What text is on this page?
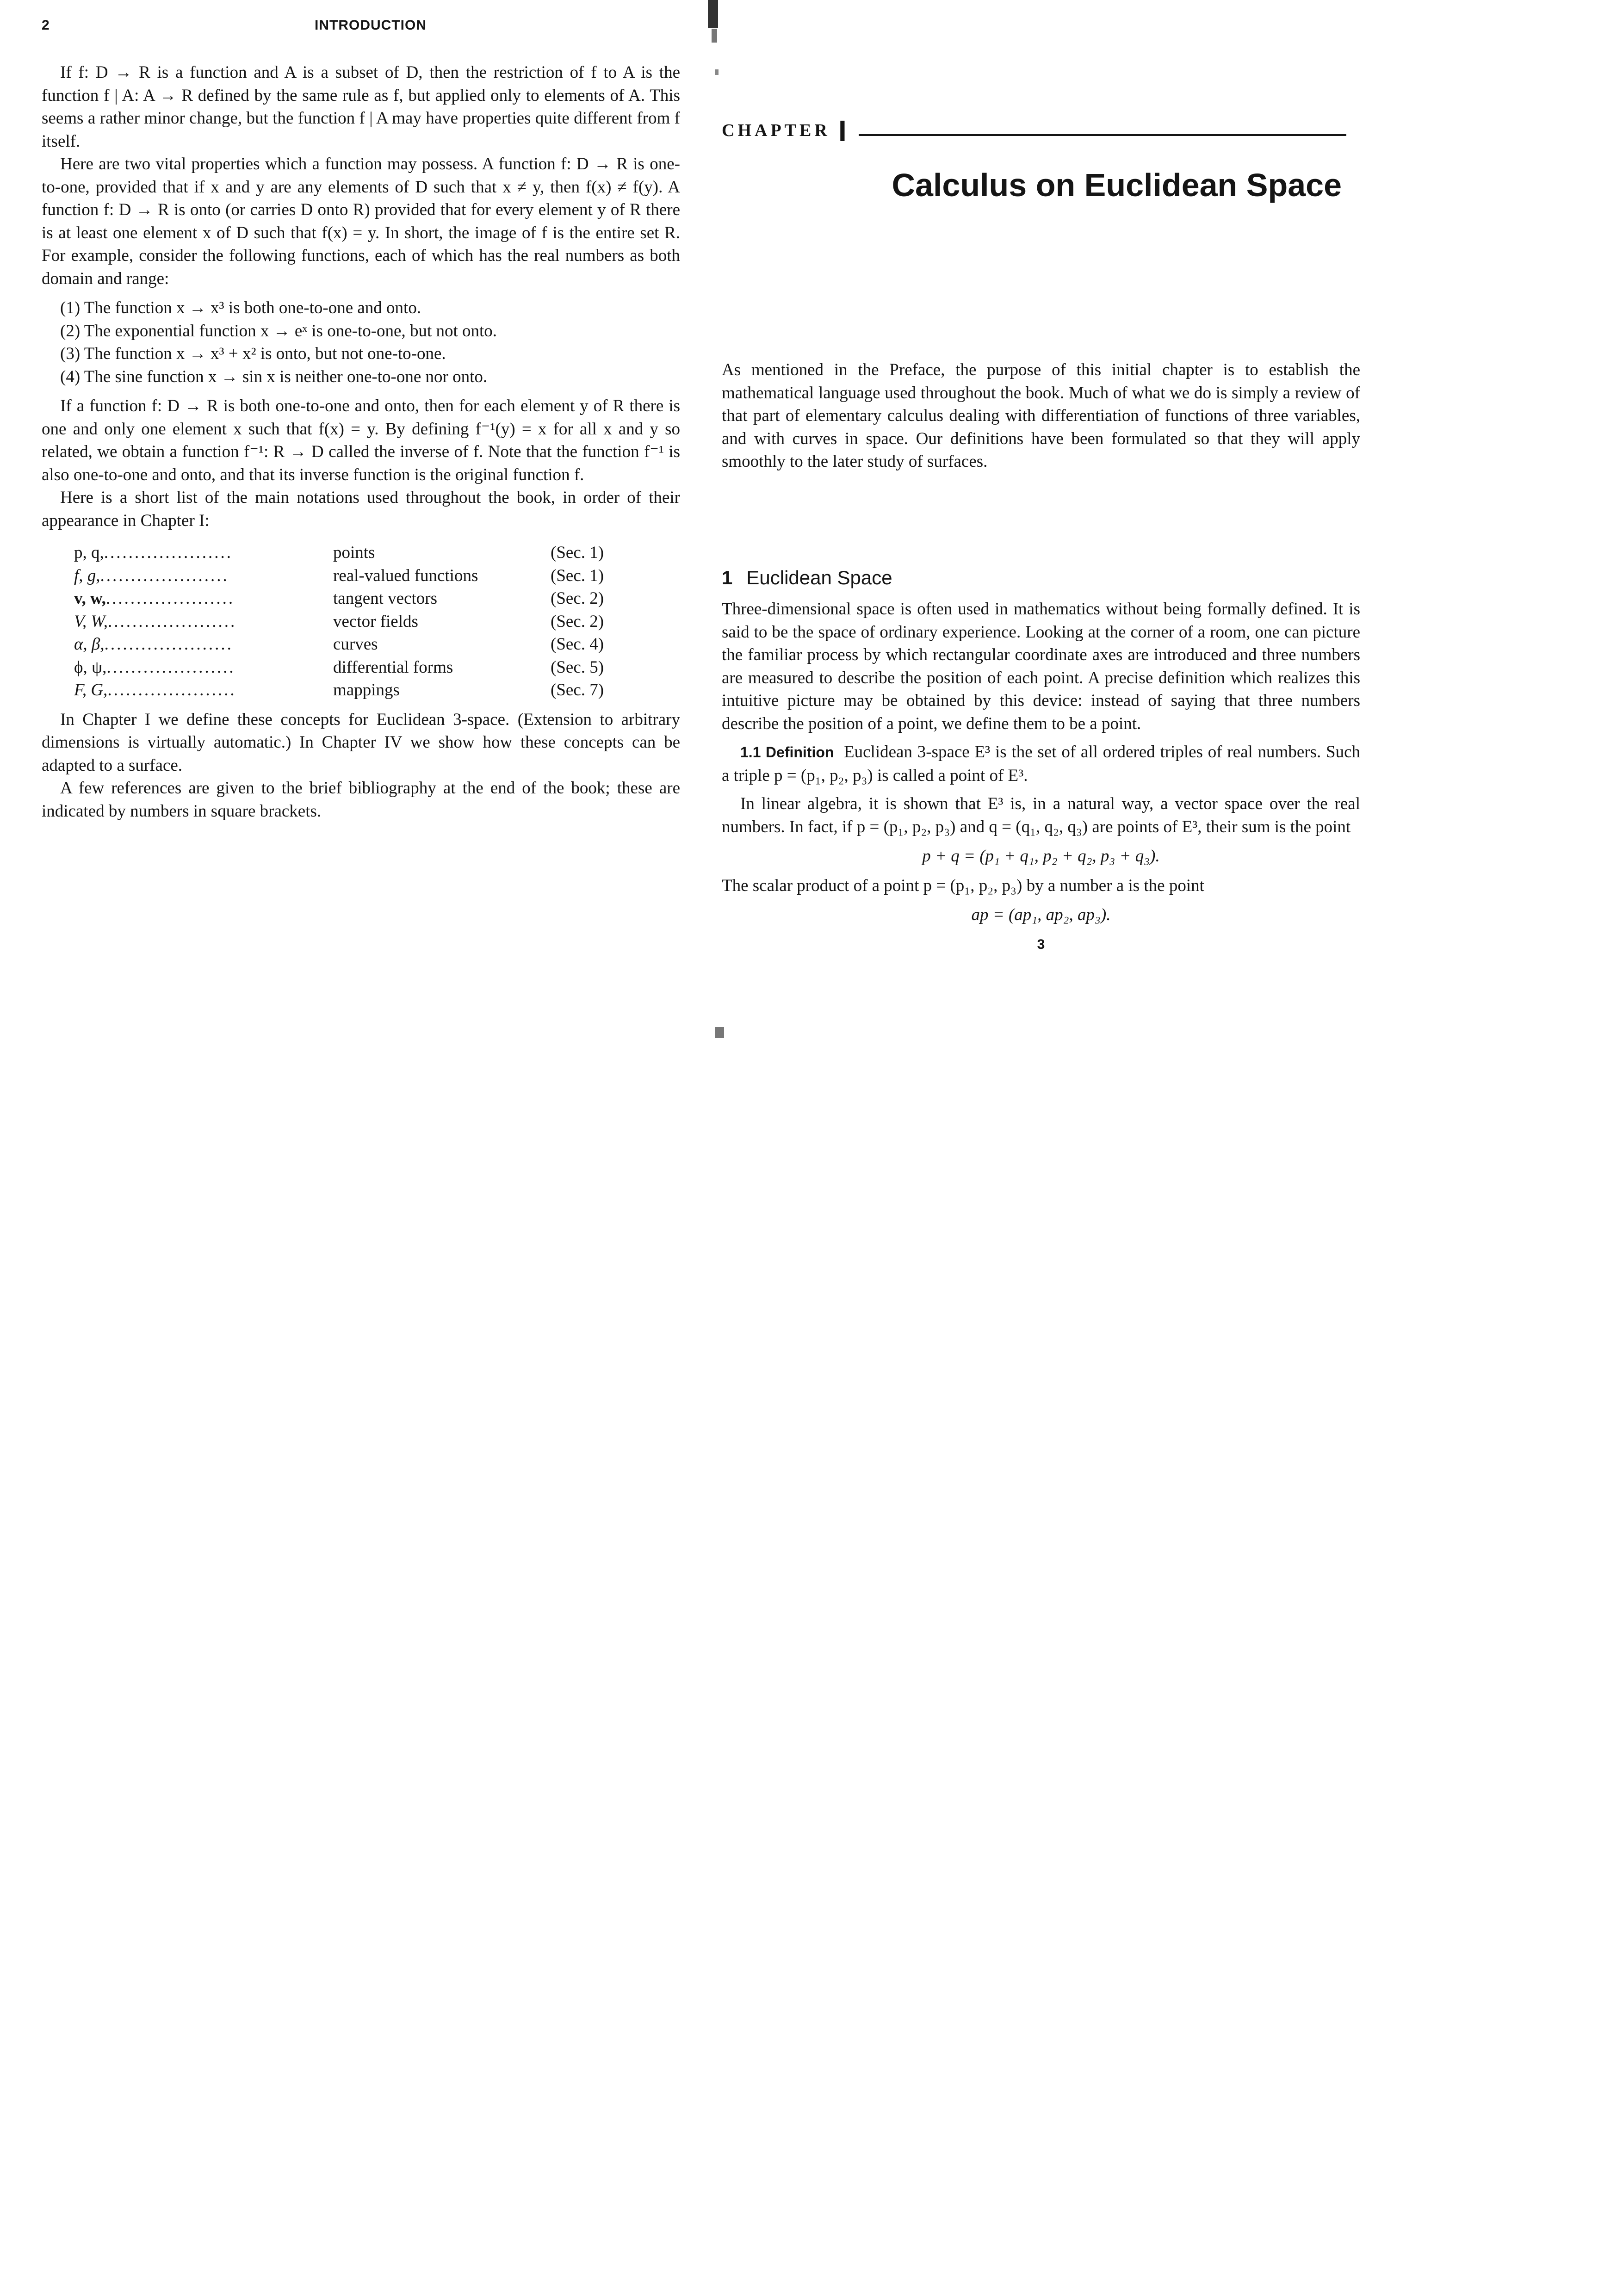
2	INTRODUCTION

If f: D → R is a function and A is a subset of D, then the restriction of f to A is the function f | A: A → R defined by the same rule as f, but applied only to elements of A. This seems a rather minor change, but the function f | A may have properties quite different from f itself.

Here are two vital properties which a function may possess. A function f: D → R is one-to-one, provided that if x and y are any elements of D such that x ≠ y, then f(x) ≠ f(y). A function f: D → R is onto (or carries D onto R) provided that for every element y of R there is at least one element x of D such that f(x) = y. In short, the image of f is the entire set R. For example, consider the following functions, each of which has the real numbers as both domain and range:

(1) The function x → x³ is both one-to-one and onto.
(2) The exponential function x → eˣ is one-to-one, but not onto.
(3) The function x → x³ + x² is onto, but not one-to-one.
(4) The sine function x → sin x is neither one-to-one nor onto.

If a function f: D → R is both one-to-one and onto, then for each element y of R there is one and only one element x such that f(x) = y. By defining f⁻¹(y) = x for all x and y so related, we obtain a function f⁻¹: R → D called the inverse of f. Note that the function f⁻¹ is also one-to-one and onto, and that its inverse function is the original function f.

Here is a short list of the main notations used throughout the book, in order of their appearance in Chapter I:

p, q,.....................	points	(Sec. 1)
f, g,.....................	real-valued functions	(Sec. 1)
v, w,.....................	tangent vectors	(Sec. 2)
V, W,.....................	vector fields	(Sec. 2)
α, β,.....................	curves	(Sec. 4)
ϕ, ψ,.....................	differential forms	(Sec. 5)
F, G,.....................	mappings	(Sec. 7)

In Chapter I we define these concepts for Euclidean 3-space. (Extension to arbitrary dimensions is virtually automatic.) In Chapter IV we show how these concepts can be adapted to a surface.

A few references are given to the brief bibliography at the end of the book; these are indicated by numbers in square brackets.

CHAPTER I
Calculus on Euclidean Space

As mentioned in the Preface, the purpose of this initial chapter is to establish the mathematical language used throughout the book. Much of what we do is simply a review of that part of elementary calculus dealing with differentiation of functions of three variables, and with curves in space. Our definitions have been formulated so that they will apply smoothly to the later study of surfaces.

1 Euclidean Space

Three-dimensional space is often used in mathematics without being formally defined. It is said to be the space of ordinary experience. Looking at the corner of a room, one can picture the familiar process by which rectangular coordinate axes are introduced and three numbers are measured to describe the position of each point. A precise definition which realizes this intuitive picture may be obtained by this device: instead of saying that three numbers describe the position of a point, we define them to be a point.

1.1 Definition Euclidean 3-space E³ is the set of all ordered triples of real numbers. Such a triple p = (p₁, p₂, p₃) is called a point of E³.

In linear algebra, it is shown that E³ is, in a natural way, a vector space over the real numbers. In fact, if p = (p₁, p₂, p₃) and q = (q₁, q₂, q₃) are points of E³, their sum is the point

p + q = (p₁ + q₁, p₂ + q₂, p₃ + q₃).

The scalar product of a point p = (p₁, p₂, p₃) by a number a is the point

ap = (ap₁, ap₂, ap₃).
3
